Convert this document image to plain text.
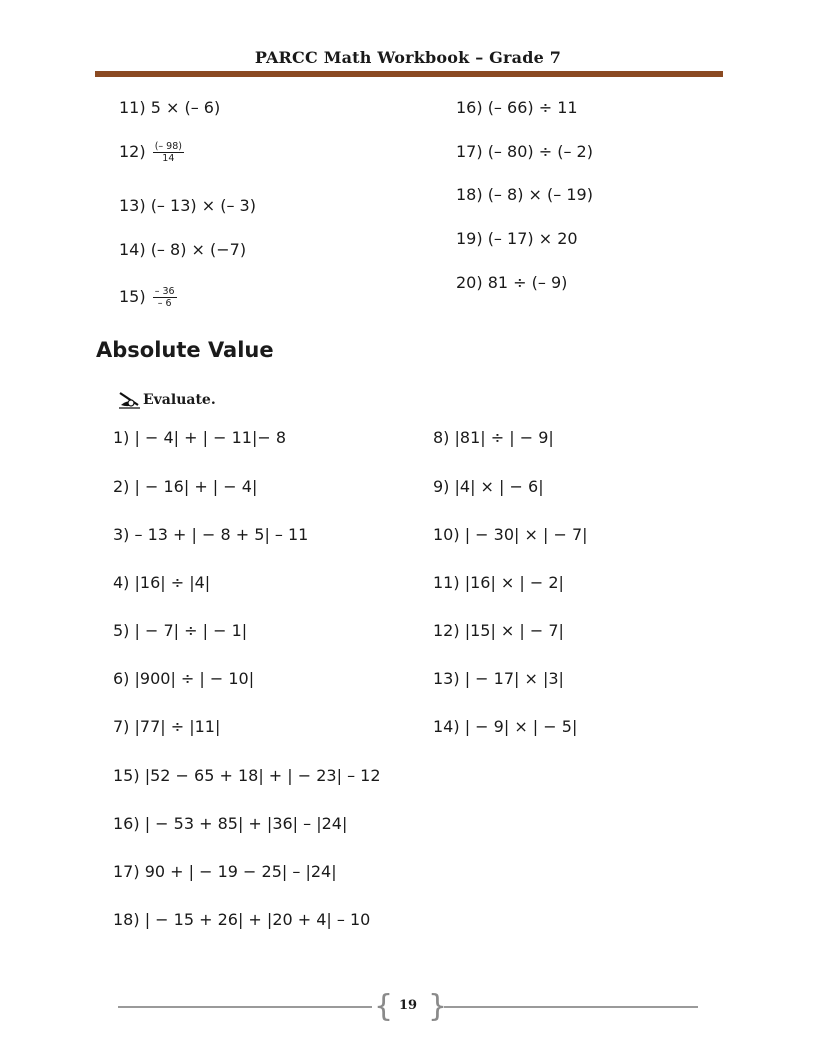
PARCC Math Workbook – Grade 7
11) 5 × (– 6)
$12) \frac{(- 98)}{14}$
13) (– 13) × (– 3)
14) (– 8) × (−7)
$15) \frac{- 36}{- 6}$
16) (– 66) ÷ 11
17) (– 80) ÷ (– 2)
18) (– 8) × (– 19)
19) (– 17) × 20
20) 81 ÷ (– 9)
Absolute Value
Evaluate.
1) | − 4| + | − 11|− 8
2) | − 16| + | − 4|
3) – 13 + | − 8 + 5| – 11
4) |16| ÷ |4|
5) | − 7| ÷ | − 1|
6) |900| ÷ | − 10|
7) |77| ÷ |11|
15) |52 − 65 + 18| + | − 23| – 12
16) | − 53 + 85| + |36| – |24|
17) 90 + | − 19 − 25| – |24|
18) | − 15 + 26| + |20 + 4| – 10
8) |81| ÷ | − 9|
9) |4| × | − 6|
10) | − 30| × | − 7|
11) |16| × | − 2|
12) |15| × | − 7|
13) | − 17| × |3|
14) | − 9| × | − 5|
{ }
19
